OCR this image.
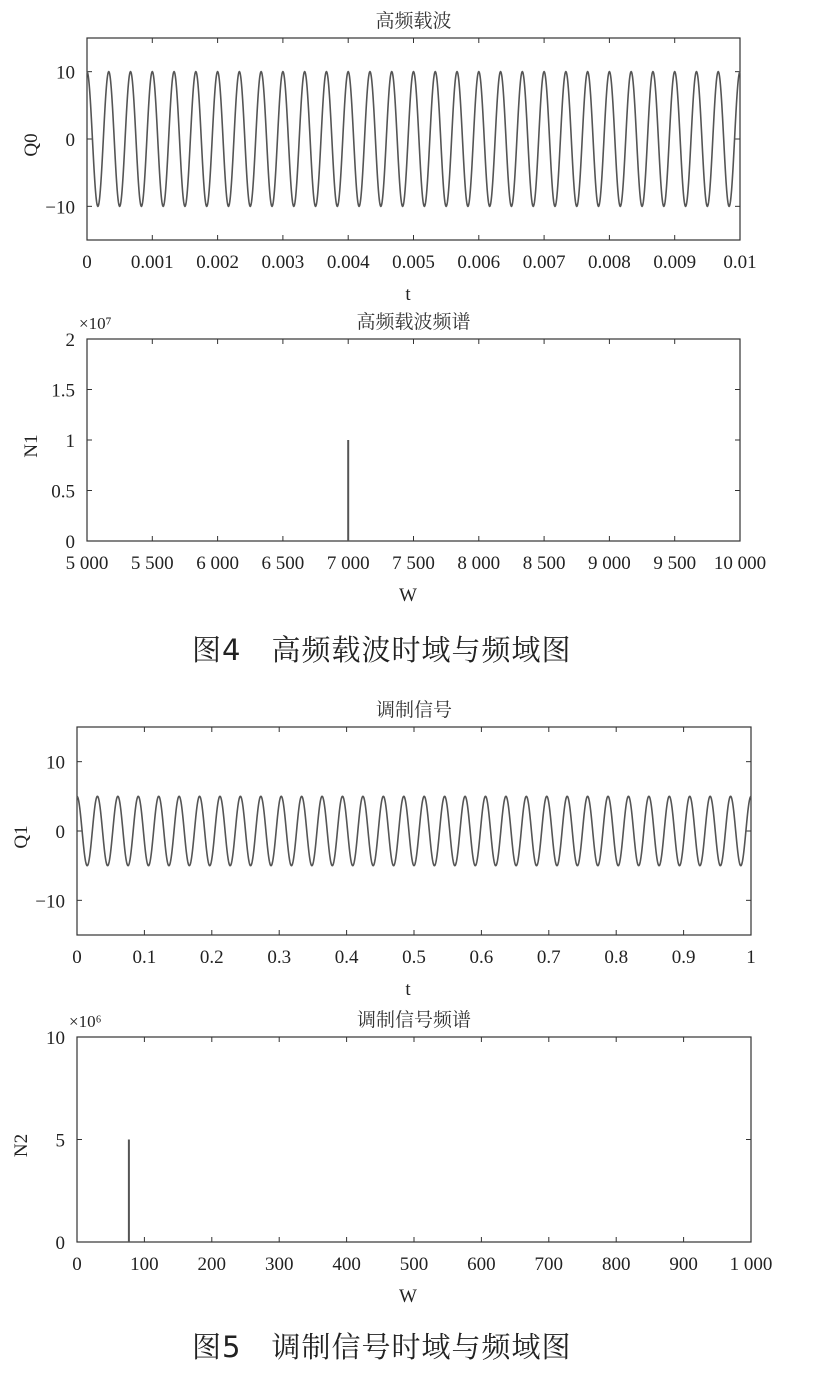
高频载波
0 0.001 0.002 0.003 0.004 0.005 0.006 0.007 0.008 0.009 0.01
−10
0
10
t
Q0
高频载波频谱
5 000 5 500 6 000 6 500 7 000 7 500 8 000 8 500 9 000 9 500 10 000
0
0.5
1
1.5
2
W
N1
×10⁷
调制信号
0	0.1 0.2 0.3 0.4 0.5 0.6 0.7 0.8 0.9	1
−10
0
10
t
Q1
调制信号频谱
0	100 200 300 400 500 600 700 800 900 1 000
0
5
10
W
N2
×10⁶
图4　高频载波时域与频域图
图5　调制信号时域与频域图
